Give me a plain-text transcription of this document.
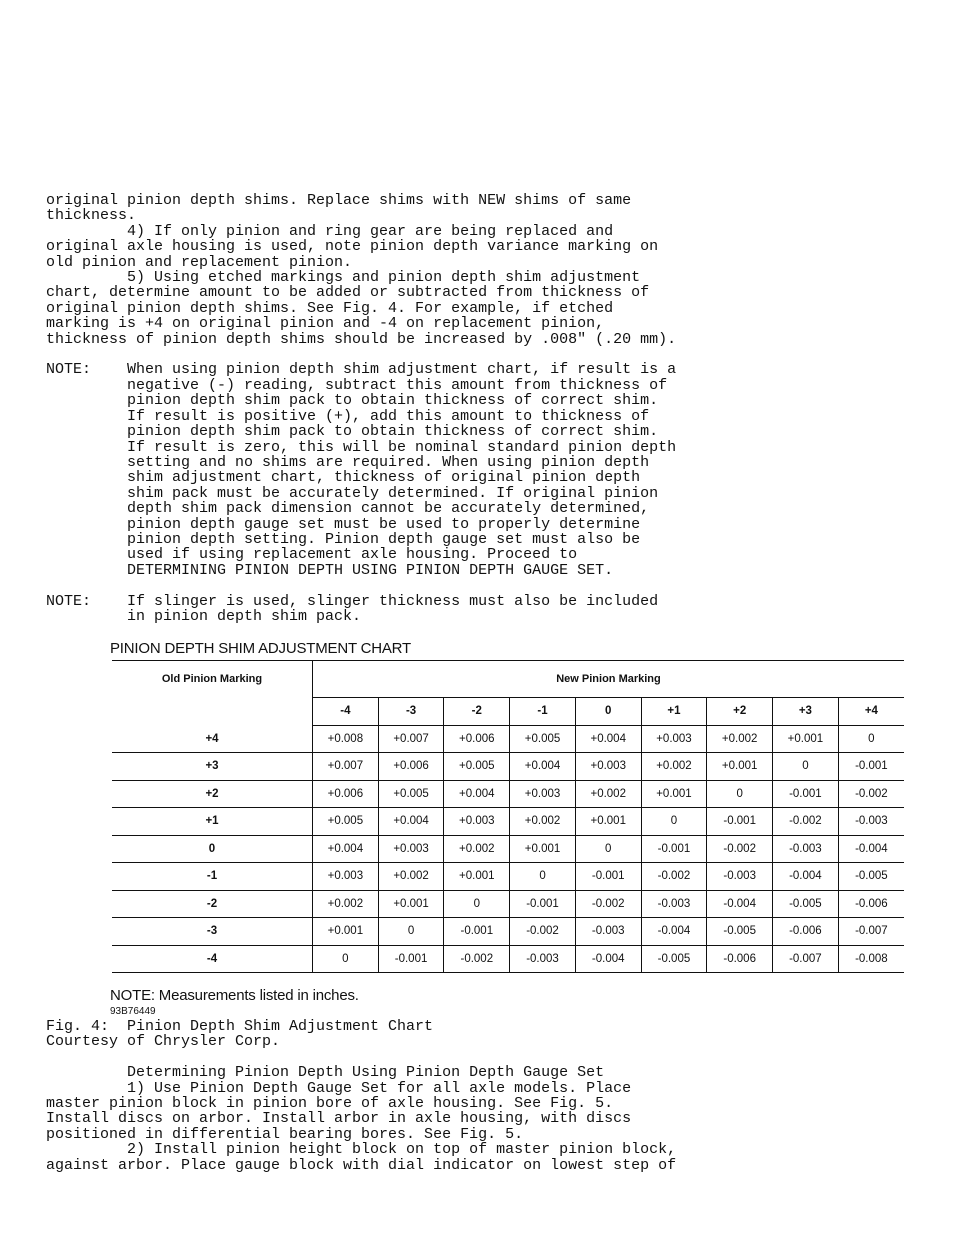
original pinion depth shims. Replace shims with NEW shims of same
thickness.
4) If only pinion and ring gear are being replaced and
original axle housing is used, note pinion depth variance marking on
old pinion and replacement pinion.
5) Using etched markings and pinion depth shim adjustment
chart, determine amount to be added or subtracted from thickness of
original pinion depth shims. See Fig. 4. For example, if etched
marking is +4 on original pinion and -4 on replacement pinion,
thickness of pinion depth shims should be increased by .008" (.20 mm).

NOTE:    When using pinion depth shim adjustment chart, if result is a
negative (-) reading, subtract this amount from thickness of
pinion depth shim pack to obtain thickness of correct shim.
If result is positive (+), add this amount to thickness of
pinion depth shim pack to obtain thickness of correct shim.
If result is zero, this will be nominal standard pinion depth
setting and no shims are required. When using pinion depth
shim adjustment chart, thickness of original pinion depth
shim pack must be accurately determined. If original pinion
depth shim pack dimension cannot be accurately determined,
pinion depth gauge set must be used to properly determine
pinion depth setting. Pinion depth gauge set must also be
used if using replacement axle housing. Proceed to
DETERMINING PINION DEPTH USING PINION DEPTH GAUGE SET.

NOTE:    If slinger is used, slinger thickness must also be included
in pinion depth shim pack.
PINION DEPTH SHIM ADJUSTMENT CHART
Old Pinion Marking	New Pinion Marking								
	-4	-3	-2	-1	0	+1	+2	+3	+4
+4	+0.008	+0.007	+0.006	+0.005	+0.004	+0.003	+0.002	+0.001	0
+3	+0.007	+0.006	+0.005	+0.004	+0.003	+0.002	+0.001	0	-0.001
+2	+0.006	+0.005	+0.004	+0.003	+0.002	+0.001	0	-0.001	-0.002
+1	+0.005	+0.004	+0.003	+0.002	+0.001	0	-0.001	-0.002	-0.003
0	+0.004	+0.003	+0.002	+0.001	0	-0.001	-0.002	-0.003	-0.004
-1	+0.003	+0.002	+0.001	0	-0.001	-0.002	-0.003	-0.004	-0.005
-2	+0.002	+0.001	0	-0.001	-0.002	-0.003	-0.004	-0.005	-0.006
-3	+0.001	0	-0.001	-0.002	-0.003	-0.004	-0.005	-0.006	-0.007
-4	0	-0.001	-0.002	-0.003	-0.004	-0.005	-0.006	-0.007	-0.008
NOTE: Measurements listed in inches.
93B76449
Fig. 4:  Pinion Depth Shim Adjustment Chart
Courtesy of Chrysler Corp.

Determining Pinion Depth Using Pinion Depth Gauge Set
1) Use Pinion Depth Gauge Set for all axle models. Place
master pinion block in pinion bore of axle housing. See Fig. 5.
Install discs on arbor. Install arbor in axle housing, with discs
positioned in differential bearing bores. See Fig. 5.
2) Install pinion height block on top of master pinion block,
against arbor. Place gauge block with dial indicator on lowest step of
